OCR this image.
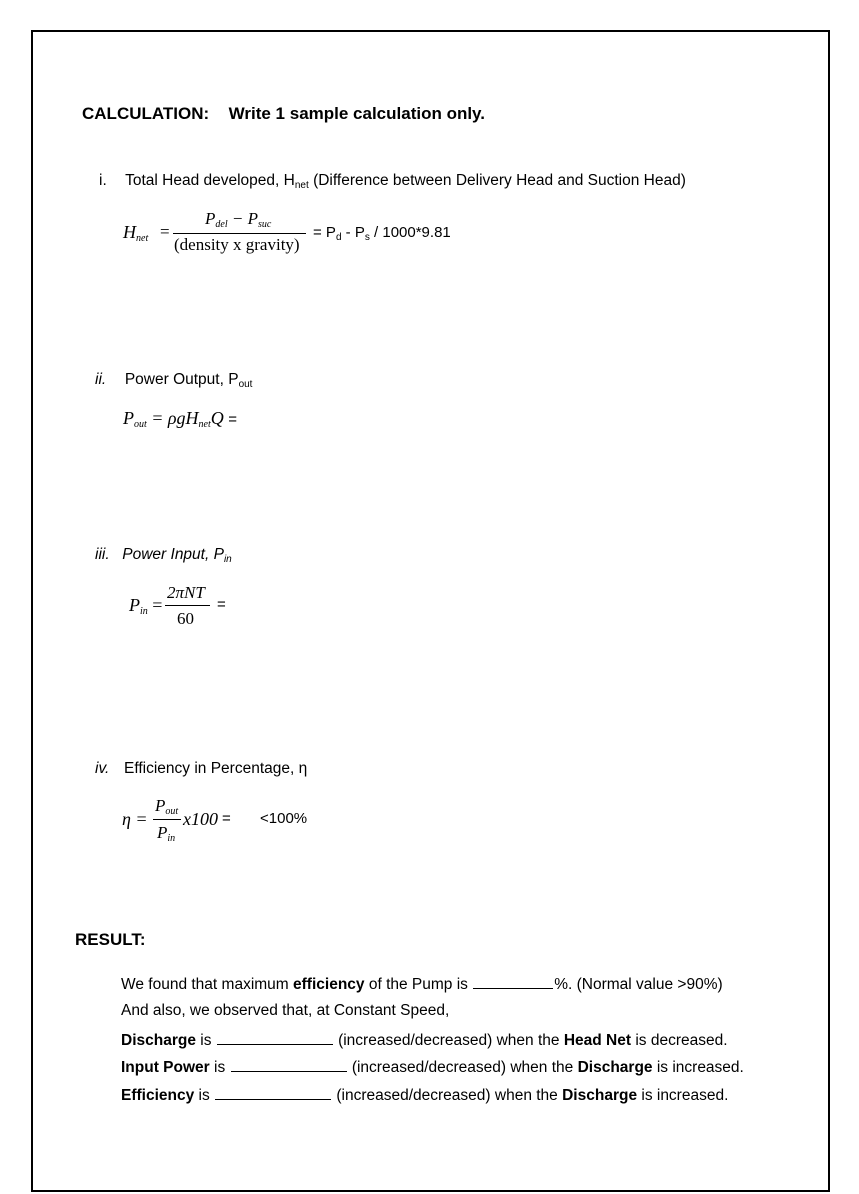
CALCULATION: Write 1 sample calculation only.
i. Total Head developed, $H_{net}$ (Difference between Delivery Head and Suction Head)
$H_{net}$ =
$P_{del} - P_{suc}$
(density x gravity)
= $P_d - P_s / 1000*9.81$
ii. Power Output, $P_{out}$
$P_{out} = \rho gH_{net}Q$ =
iii. Power Input, $P_{in}$
$P_{in}$ =
2πNT
60
=
iv. Efficiency in Percentage, η
η =
$P_{out}$
$P_{in}$
x100 = <100%
RESULT:
We found that maximum efficiency of the Pump is	%. (Normal value >90%)
And also, we observed that, at Constant Speed,
Discharge is	(increased/decreased) when the Head Net is decreased.
Input Power is	(increased/decreased) when the Discharge is increased.
Efficiency is	(increased/decreased) when the Discharge is increased.
